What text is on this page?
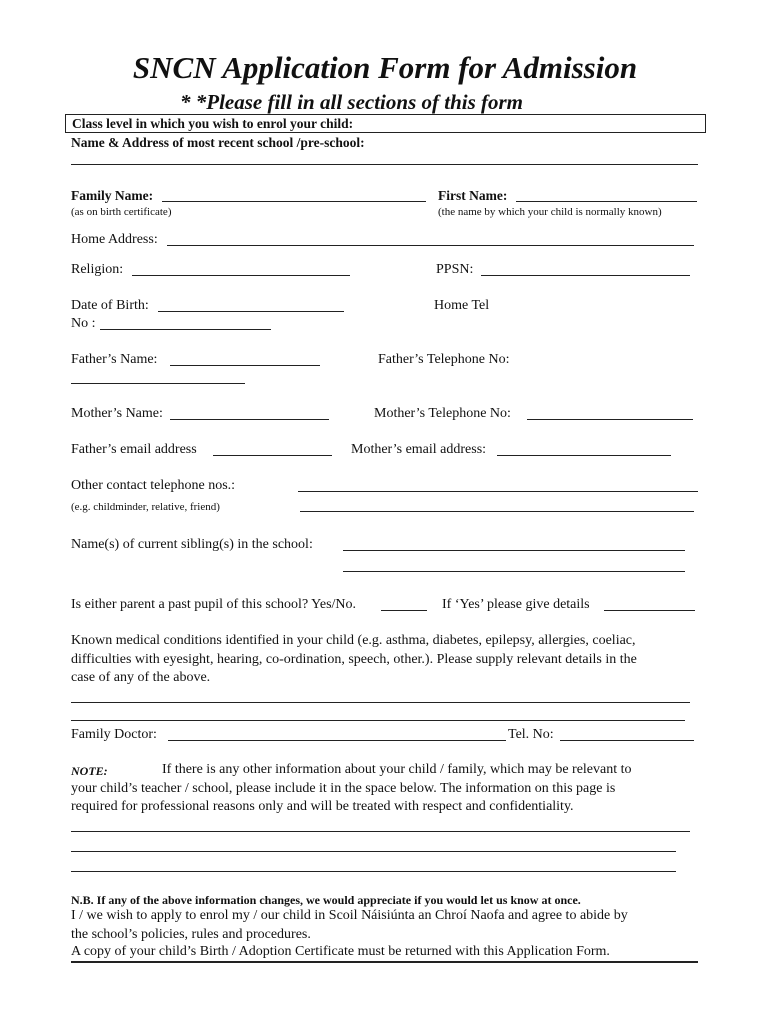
SNCN Application Form for Admission
* *Please fill in all sections of this form
Class level in which you wish to enrol your child:
Name & Address of most recent school /pre-school:
Family Name:
(as on birth certificate)
First Name:
(the name by which your child is normally known)
Home Address:
Religion:	PPSN:
Date of Birth:	Home Tel
No :
Father’s Name:	Father’s Telephone No:
Mother’s Name:	Mother’s Telephone No:
Father’s email address	Mother’s email address:
Other contact telephone nos.:
(e.g. childminder, relative, friend)
Name(s) of current sibling(s) in the school:
Is either parent a past pupil of this school? Yes/No.	If ‘Yes’ please give details
Known medical conditions identified in your child (e.g. asthma, diabetes, epilepsy, allergies, coeliac,
difficulties with eyesight, hearing, co-ordination, speech, other.). Please supply relevant details in the
case of any of the above.
Family Doctor:	Tel. No:
NOTE:	If there is any other information about your child / family, which may be relevant to
your child’s teacher / school, please include it in the space below. The information on this page is
required for professional reasons only and will be treated with respect and confidentiality.
N.B. If any of the above information changes, we would appreciate if you would let us know at once.
I / we wish to apply to enrol my / our child in Scoil Náisiúnta an Chroí Naofa and agree to abide by
the school’s policies, rules and procedures.
A copy of your child’s Birth / Adoption Certificate must be returned with this Application Form.
